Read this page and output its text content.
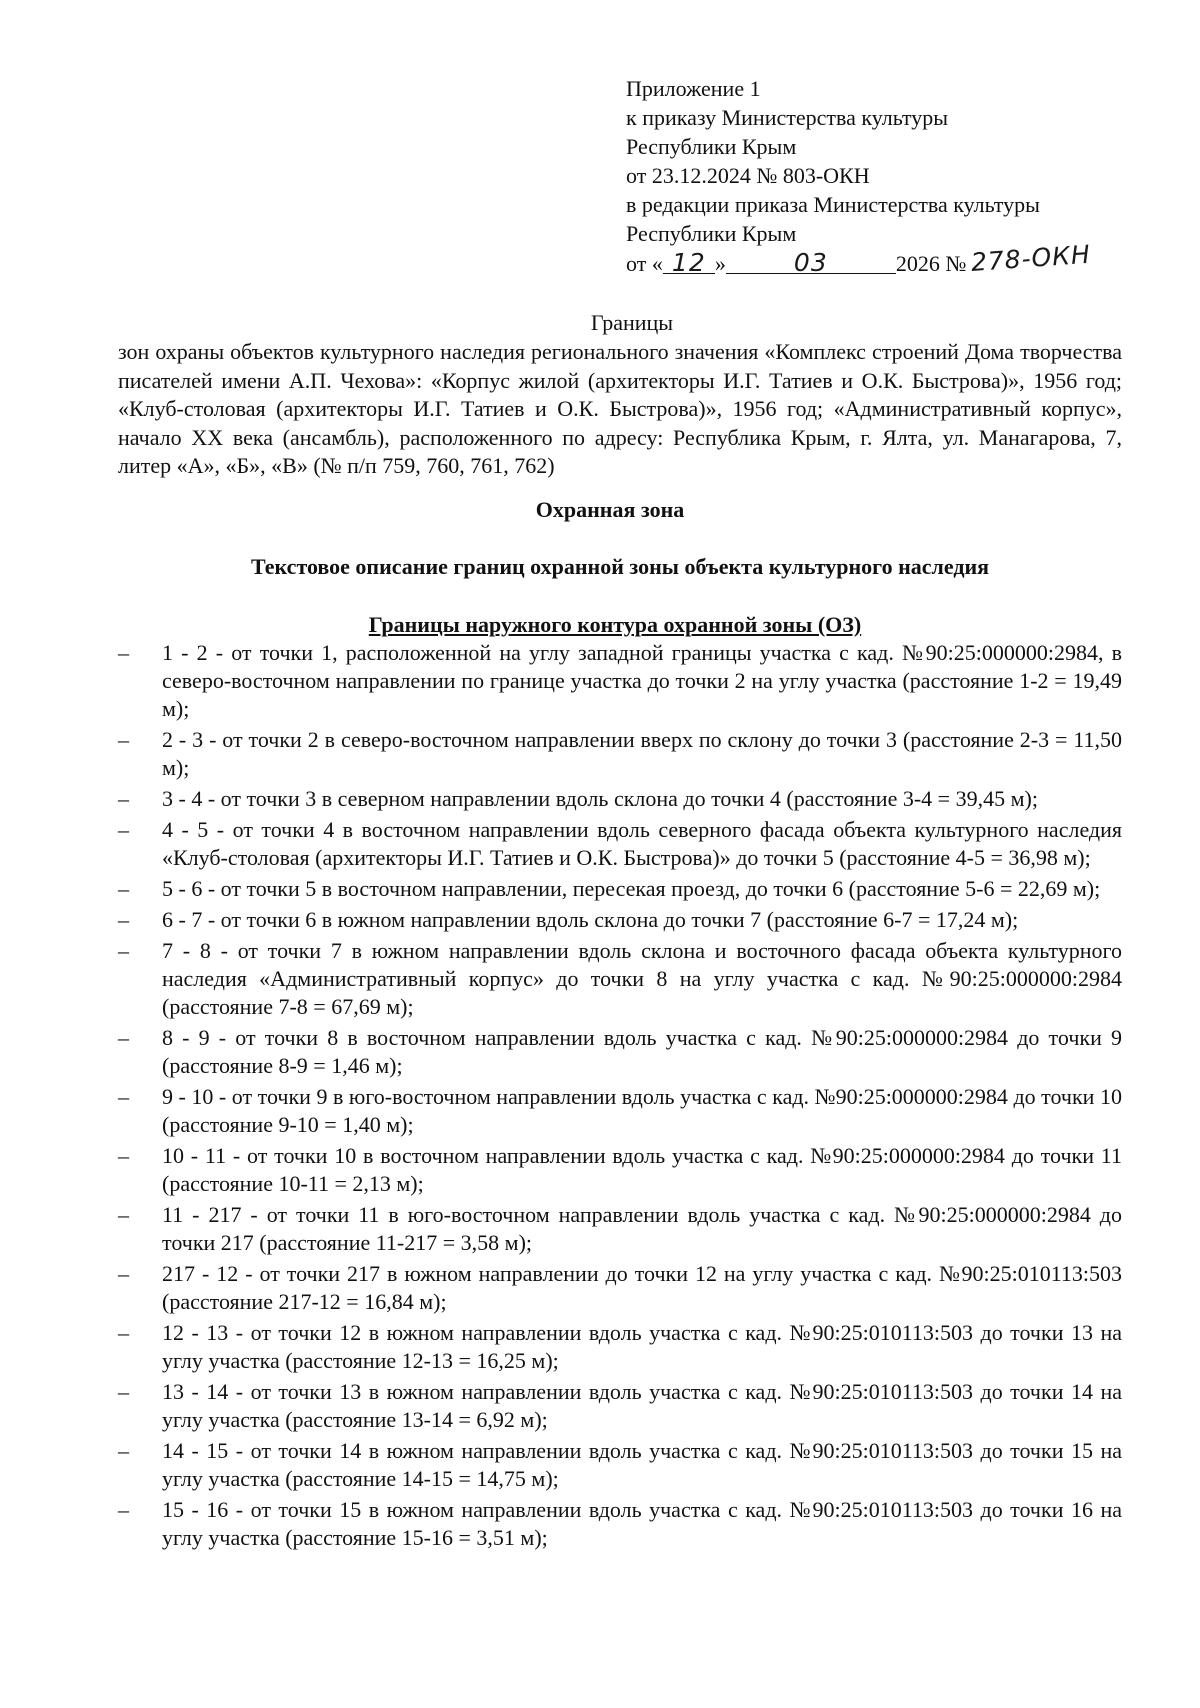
Приложение 1
к приказу Министерства культуры
Республики Крым
от 23.12.2024 № 803-ОКН
в редакции приказа Министерства культуры
Республики Крым
от « 12 »	03	2026 № 278-ОКН
Границы
зон охраны объектов культурного наследия регионального значения «Комплекс строений Дома творчества писателей имени А.П. Чехова»: «Корпус жилой (архитекторы И.Г. Татиев и О.К. Быстрова)», 1956 год; «Клуб-столовая (архитекторы И.Г. Татиев и О.К. Быстрова)», 1956 год; «Административный корпус», начало XX века (ансамбль), расположенного по адресу: Республика Крым, г. Ялта, ул. Манагарова, 7, литер «А», «Б», «В» (№ п/п 759, 760, 761, 762)
Охранная зона
Текстовое описание границ охранной зоны объекта культурного наследия
Границы наружного контура охранной зоны (ОЗ)
– 1 - 2 - от точки 1, расположенной на углу западной границы участка с кад. №90:25:000000:2984, в северо-восточном направлении по границе участка до точки 2 на углу участка (расстояние 1-2 = 19,49 м);
– 2 - 3 - от точки 2 в северо-восточном направлении вверх по склону до точки 3 (расстояние 2-3 = 11,50 м);
– 3 - 4 - от точки 3 в северном направлении вдоль склона до точки 4 (расстояние 3-4 = 39,45 м);
– 4 - 5 - от точки 4 в восточном направлении вдоль северного фасада объекта культурного наследия «Клуб-столовая (архитекторы И.Г. Татиев и О.К. Быстрова)» до точки 5 (расстояние 4-5 = 36,98 м);
– 5 - 6 - от точки 5 в восточном направлении, пересекая проезд, до точки 6 (расстояние 5-6 = 22,69 м);
– 6 - 7 - от точки 6 в южном направлении вдоль склона до точки 7 (расстояние 6-7 = 17,24 м);
– 7 - 8 - от точки 7 в южном направлении вдоль склона и восточного фасада объекта культурного наследия «Административный корпус» до точки 8 на углу участка с кад. №90:25:000000:2984 (расстояние 7-8 = 67,69 м);
– 8 - 9 - от точки 8 в восточном направлении вдоль участка с кад. №90:25:000000:2984 до точки 9 (расстояние 8-9 = 1,46 м);
– 9 - 10 - от точки 9 в юго-восточном направлении вдоль участка с кад. №90:25:000000:2984 до точки 10 (расстояние 9-10 = 1,40 м);
– 10 - 11 - от точки 10 в восточном направлении вдоль участка с кад. №90:25:000000:2984 до точки 11 (расстояние 10-11 = 2,13 м);
– 11 - 217 - от точки 11 в юго-восточном направлении вдоль участка с кад. №90:25:000000:2984 до точки 217 (расстояние 11-217 = 3,58 м);
– 217 - 12 - от точки 217 в южном направлении до точки 12 на углу участка с кад. №90:25:010113:503 (расстояние 217-12 = 16,84 м);
– 12 - 13 - от точки 12 в южном направлении вдоль участка с кад. №90:25:010113:503 до точки 13 на углу участка (расстояние 12-13 = 16,25 м);
– 13 - 14 - от точки 13 в южном направлении вдоль участка с кад. №90:25:010113:503 до точки 14 на углу участка (расстояние 13-14 = 6,92 м);
– 14 - 15 - от точки 14 в южном направлении вдоль участка с кад. №90:25:010113:503 до точки 15 на углу участка (расстояние 14-15 = 14,75 м);
– 15 - 16 - от точки 15 в южном направлении вдоль участка с кад. №90:25:010113:503 до точки 16 на углу участка (расстояние 15-16 = 3,51 м);
